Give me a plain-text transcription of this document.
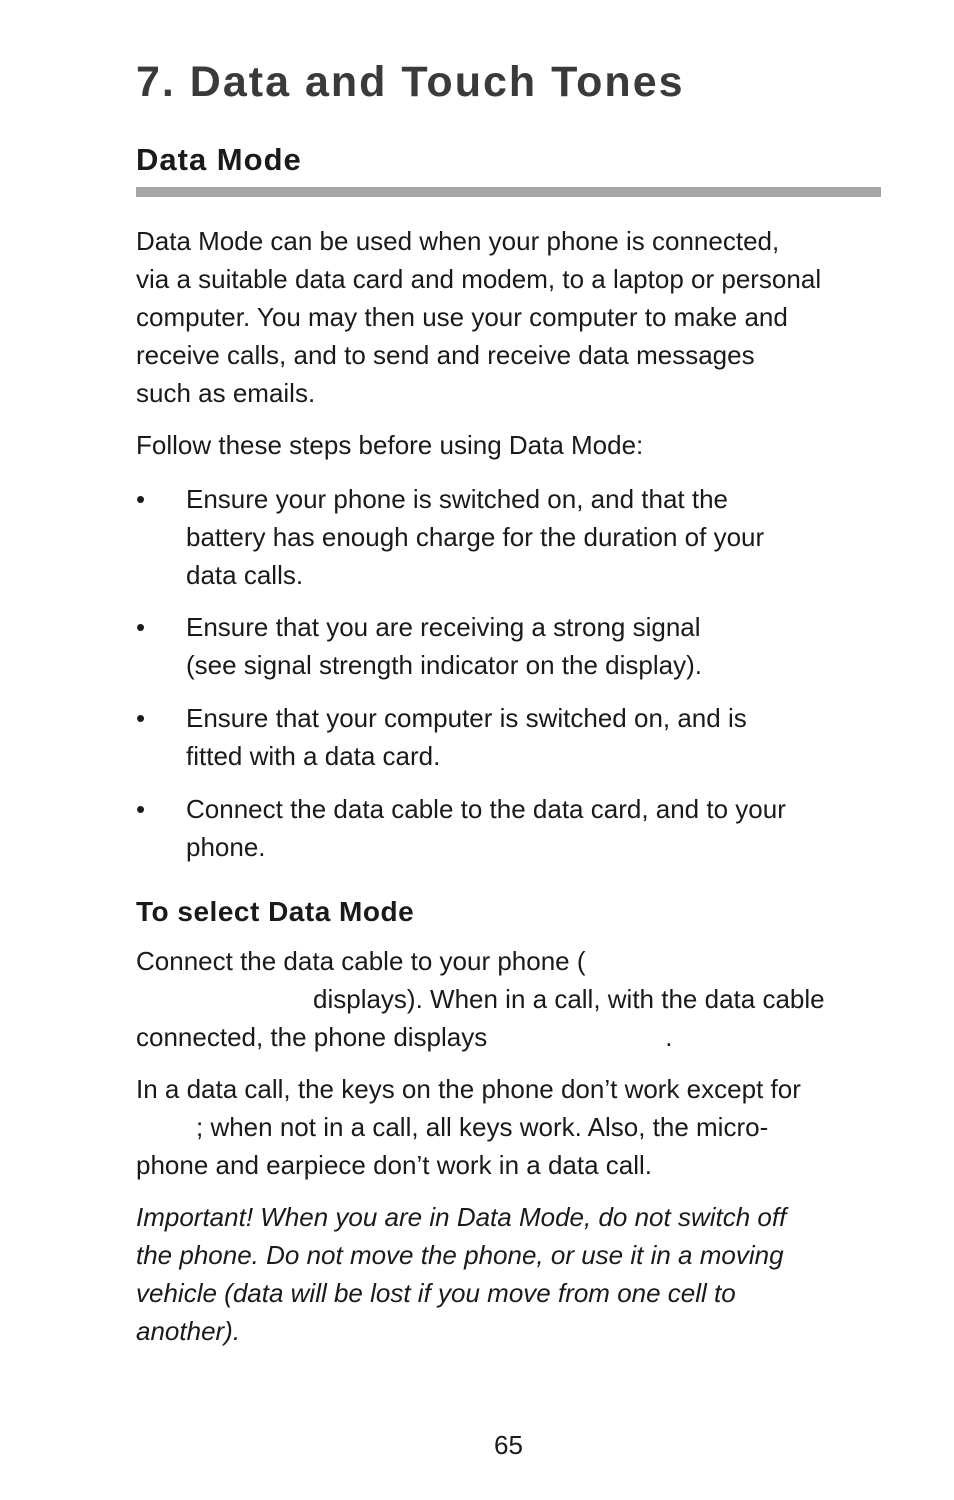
7. Data and Touch Tones
Data Mode
Data Mode can be used when your phone is connected,
via a suitable data card and modem, to a laptop or personal
computer. You may then use your computer to make and
receive calls, and to send and receive data messages
such as emails.
Follow these steps before using Data Mode:
•	Ensure your phone is switched on, and that the
battery has enough charge for the duration of your
data calls.
•	Ensure that you are receiving a strong signal
(see signal strength indicator on the display).
•	Ensure that your computer is switched on, and is
fitted with a data card.
•	Connect the data cable to the data card, and to your
phone.
To select Data Mode
Connect the data cable to your phone (
displays). When in a call, with the data cable
connected, the phone displays	.
In a data call, the keys on the phone don’t work except for
; when not in a call, all keys work. Also, the micro-
phone and earpiece don’t work in a data call.
Important! When you are in Data Mode, do not switch off
the phone. Do not move the phone, or use it in a moving
vehicle (data will be lost if you move from one cell to
another).
65
